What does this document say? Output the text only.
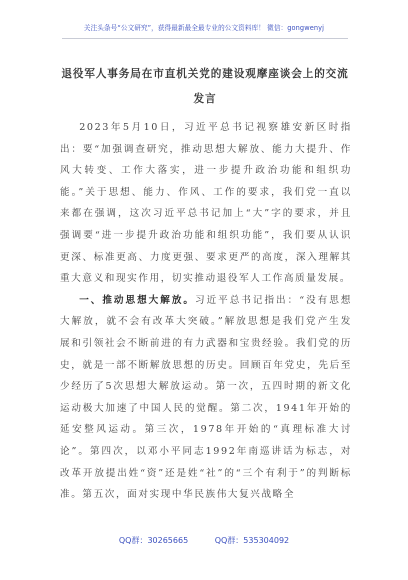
关注头条号“公文研究”，获得最新最全最专业的公文资料库！ 微信：gongwenyj
退役军人事务局在市直机关党的建设观摩座谈会上的交流
发言

2023年5月10日，习近平总书记视察雄安新区时指出：要“加强调查研究，推动思想大解放、能力大提升、作风大转变、工作大落实，进一步提升政治功能和组织功能。”关于思想、能力、作风、工作的要求，我们党一直以来都在强调，这次习近平总书记加上“大”字的要求，并且强调要“进一步提升政治功能和组织功能”，我们要从认识更深、标准更高、力度更强、要求更严的高度，深入理解其重大意义和现实作用，切实推动退役军人工作高质量发展。

一、推动思想大解放。习近平总书记指出：“没有思想大解放，就不会有改革大突破。”解放思想是我们党产生发展和引领社会不断前进的有力武器和宝贵经验。我们党的历史，就是一部不断解放思想的历史。回顾百年党史，先后至少经历了5次思想大解放运动。第一次，五四时期的新文化运动极大加速了中国人民的觉醒。第二次，1941年开始的延安整风运动。第三次，1978年开始的“真理标准大讨论”。第四次，以邓小平同志1992年南巡讲话为标志，对改革开放提出姓“资”还是姓“社”的“三个有利于”的判断标准。第五次，面对实现中华民族伟大复兴战略全

QQ群：30265665	QQ群：535304092
